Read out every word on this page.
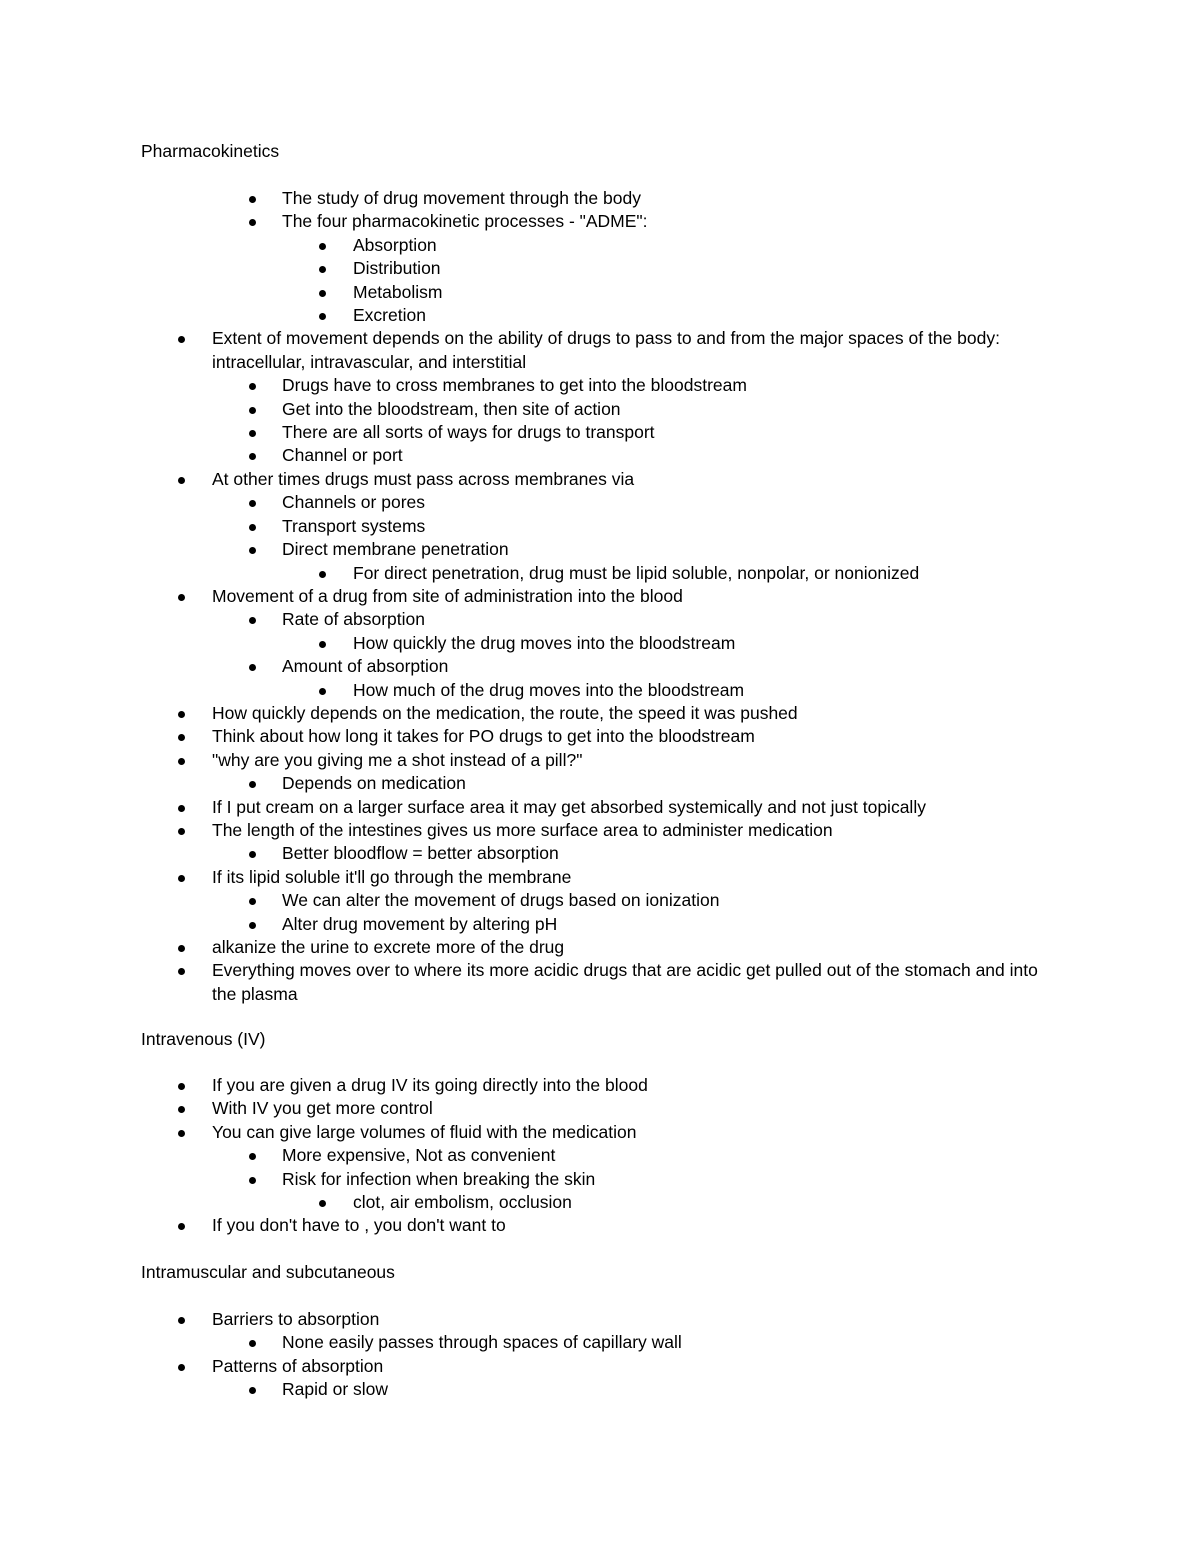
Pharmacokinetics
The study of drug movement through the body
The four pharmacokinetic processes - "ADME":
Absorption
Distribution
Metabolism
Excretion
Extent of movement depends on the ability of drugs to pass to and from the major spaces of the body: intracellular, intravascular, and interstitial
Drugs have to cross membranes to get into the bloodstream
Get into the bloodstream, then site of action
There are all sorts of ways for drugs to transport
Channel or port
At other times drugs must pass across membranes via
Channels or pores
Transport systems
Direct membrane penetration
For direct penetration, drug must be lipid soluble, nonpolar, or nonionized
Movement of a drug from site of administration into the blood
Rate of absorption
How quickly the drug moves into the bloodstream
Amount of absorption
How much of the drug moves into the bloodstream
How quickly depends on the medication, the route, the speed it was pushed
Think about how long it takes for PO drugs to get into the bloodstream
"why are you giving me a shot instead of a pill?"
Depends on medication
If I put cream on a larger surface area it may get absorbed systemically and not just topically
The length of the intestines gives us more surface area to administer medication
Better bloodflow = better absorption
If its lipid soluble it'll go through the membrane
We can alter the movement of drugs based on ionization
Alter drug movement by altering pH
alkanize the urine to excrete more of the drug
Everything moves over to where its more acidic drugs that are acidic get pulled out of the stomach and into the plasma
Intravenous (IV)
If you are given a drug IV its going directly into the blood
With IV you get more control
You can give large volumes of fluid with the medication
More expensive, Not as convenient
Risk for infection when breaking the skin
clot, air embolism, occlusion
If you don't have to , you don't want to
Intramuscular and subcutaneous
Barriers to absorption
None easily passes through spaces of capillary wall
Patterns of absorption
Rapid or slow
